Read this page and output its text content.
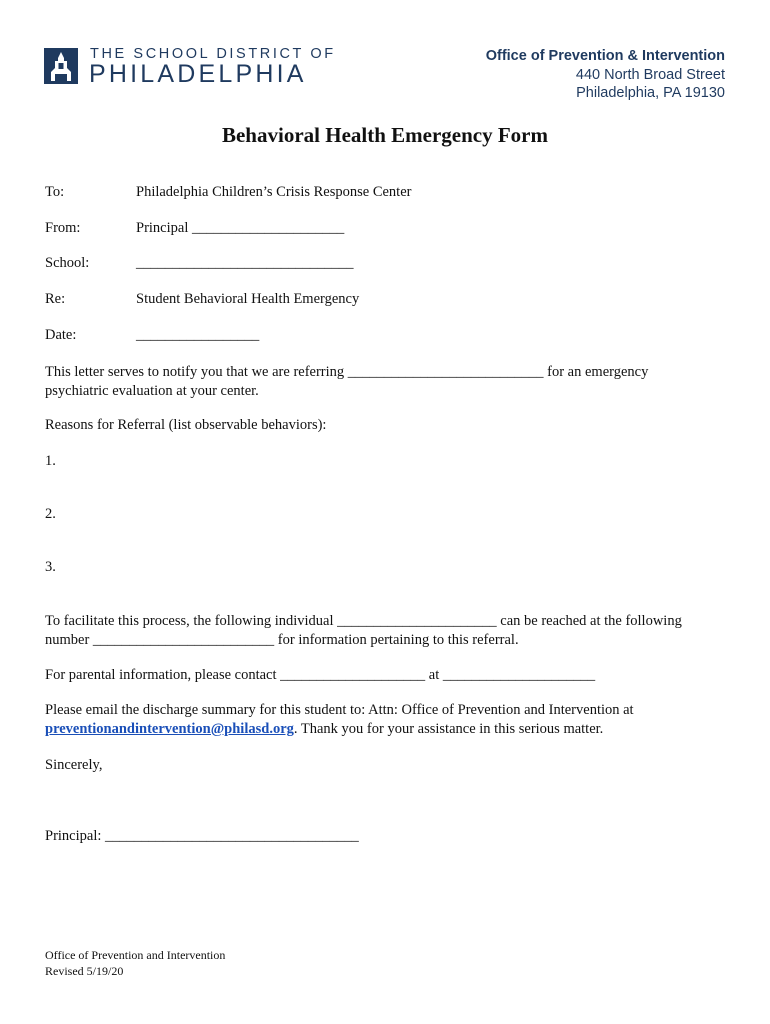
THE SCHOOL DISTRICT OF
PHILADELPHIA
Office of Prevention & Intervention
440 North Broad Street
Philadelphia, PA 19130
Behavioral Health Emergency Form
To:	Philadelphia Children’s Crisis Response Center
From:	Principal _____________________
School:	______________________________
Re:	Student Behavioral Health Emergency
Date:	_________________
This letter serves to notify you that we are referring ___________________________ for an emergency
psychiatric evaluation at your center.
Reasons for Referral (list observable behaviors):
1.
2.
3.
To facilitate this process, the following individual ______________________ can be reached at the following
number _________________________ for information pertaining to this referral.
For parental information, please contact ____________________ at _____________________
Please email the discharge summary for this student to: Attn: Office of Prevention and Intervention at
preventionandintervention@philasd.org. Thank you for your assistance in this serious matter.
Sincerely,
Principal: ___________________________________
Office of Prevention and Intervention
Revised 5/19/20
